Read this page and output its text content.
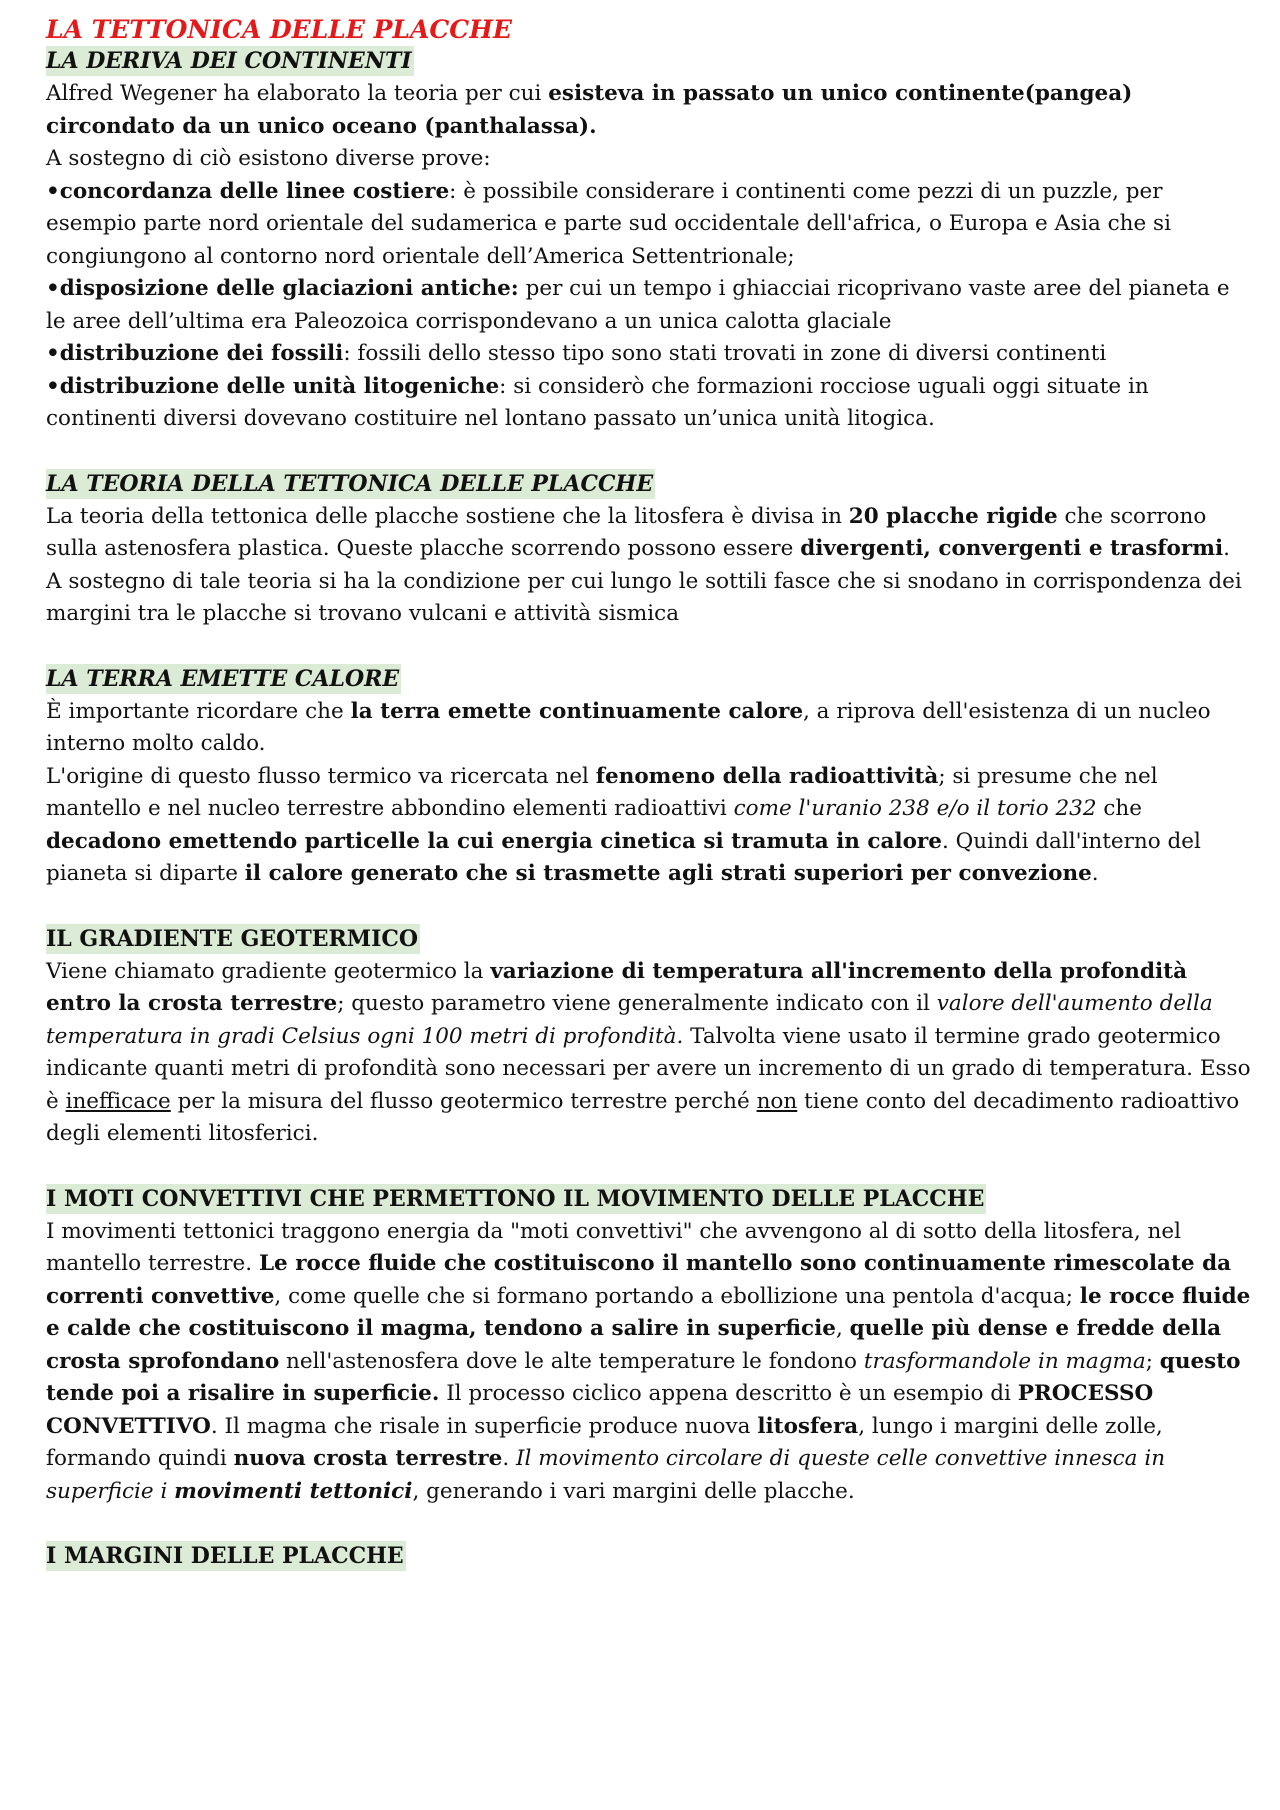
LA TETTONICA DELLE PLACCHE
LA DERIVA DEI CONTINENTI

Alfred Wegener ha elaborato la teoria per cui esisteva in passato un unico continente(pangea) circondato da un unico oceano (panthalassa).

A sostegno di ciò esistono diverse prove:

•concordanza delle linee costiere: è possibile considerare i continenti come pezzi di un puzzle, per esempio parte nord orientale del sudamerica e parte sud occidentale dell'africa, o Europa e Asia che si congiungono al contorno nord orientale dell’America Settentrionale;

•disposizione delle glaciazioni antiche: per cui un tempo i ghiacciai ricoprivano vaste aree del pianeta e le aree dell’ultima era Paleozoica corrispondevano a un unica calotta glaciale

•distribuzione dei fossili: fossili dello stesso tipo sono stati trovati in zone di diversi continenti

•distribuzione delle unità litogeniche: si considerò che formazioni rocciose uguali oggi situate in continenti diversi dovevano costituire nel lontano passato un’unica unità litogica.

LA TEORIA DELLA TETTONICA DELLE PLACCHE

La teoria della tettonica delle placche sostiene che la litosfera è divisa in 20 placche rigide che scorrono sulla astenosfera plastica. Queste placche scorrendo possono essere divergenti, convergenti e trasformi. A sostegno di tale teoria si ha la condizione per cui lungo le sottili fasce che si snodano in corrispondenza dei margini tra le placche si trovano vulcani e attività sismica

LA TERRA EMETTE CALORE

È importante ricordare che la terra emette continuamente calore, a riprova dell'esistenza di un nucleo interno molto caldo.

L'origine di questo flusso termico va ricercata nel fenomeno della radioattività; si presume che nel mantello e nel nucleo terrestre abbondino elementi radioattivi come l'uranio 238 e/o il torio 232 che decadono emettendo particelle la cui energia cinetica si tramuta in calore. Quindi dall'interno del pianeta si diparte il calore generato che si trasmette agli strati superiori per convezione.

IL GRADIENTE GEOTERMICO

Viene chiamato gradiente geotermico la variazione di temperatura all'incremento della profondità entro la crosta terrestre; questo parametro viene generalmente indicato con il valore dell'aumento della temperatura in gradi Celsius ogni 100 metri di profondità. Talvolta viene usato il termine grado geotermico indicante quanti metri di profondità sono necessari per avere un incremento di un grado di temperatura. Esso è inefficace per la misura del flusso geotermico terrestre perché non tiene conto del decadimento radioattivo degli elementi litosferici.

I MOTI CONVETTIVI CHE PERMETTONO IL MOVIMENTO DELLE PLACCHE

I movimenti tettonici traggono energia da "moti convettivi" che avvengono al di sotto della litosfera, nel mantello terrestre. Le rocce fluide che costituiscono il mantello sono continuamente rimescolate da correnti convettive, come quelle che si formano portando a ebollizione una pentola d'acqua; le rocce fluide e calde che costituiscono il magma, tendono a salire in superficie, quelle più dense e fredde della crosta sprofondano nell'astenosfera dove le alte temperature le fondono trasformandole in magma; questo tende poi a risalire in superficie. Il processo ciclico appena descritto è un esempio di PROCESSO CONVETTIVO. Il magma che risale in superficie produce nuova litosfera, lungo i margini delle zolle, formando quindi nuova crosta terrestre. Il movimento circolare di queste celle convettive innesca in superficie i movimenti tettonici, generando i vari margini delle placche.

I MARGINI DELLE PLACCHE
